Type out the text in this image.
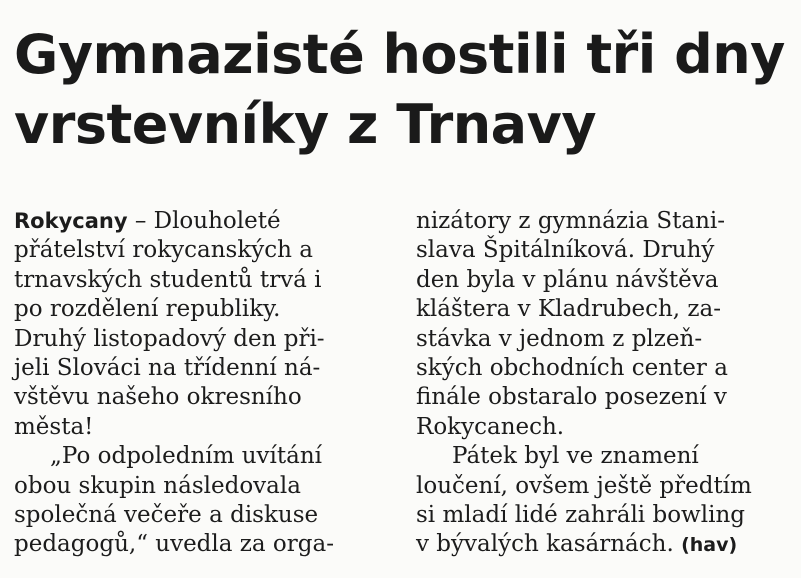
Gymnazisté hostili tři dny
vrstevníky z Trnavy
Rokycany – Dlouholeté
přátelství rokycanských a
trnavských studentů trvá i
po rozdělení republiky.
Druhý listopadový den při-
jeli Slováci na třídenní ná-
vštěvu našeho okresního
města!
„Po odpoledním uvítání
obou skupin následovala
společná večeře a diskuse
pedagogů,“ uvedla za orga-
nizátory z gymnázia Stani-
slava Špitálníková. Druhý
den byla v plánu návštěva
kláštera v Kladrubech, za-
stávka v jednom z plzeň-
ských obchodních center a
finále obstaralo posezení v
Rokycanech.
Pátek byl ve znamení
loučení, ovšem ještě předtím
si mladí lidé zahráli bowling
v bývalých kasárnách. (hav)
